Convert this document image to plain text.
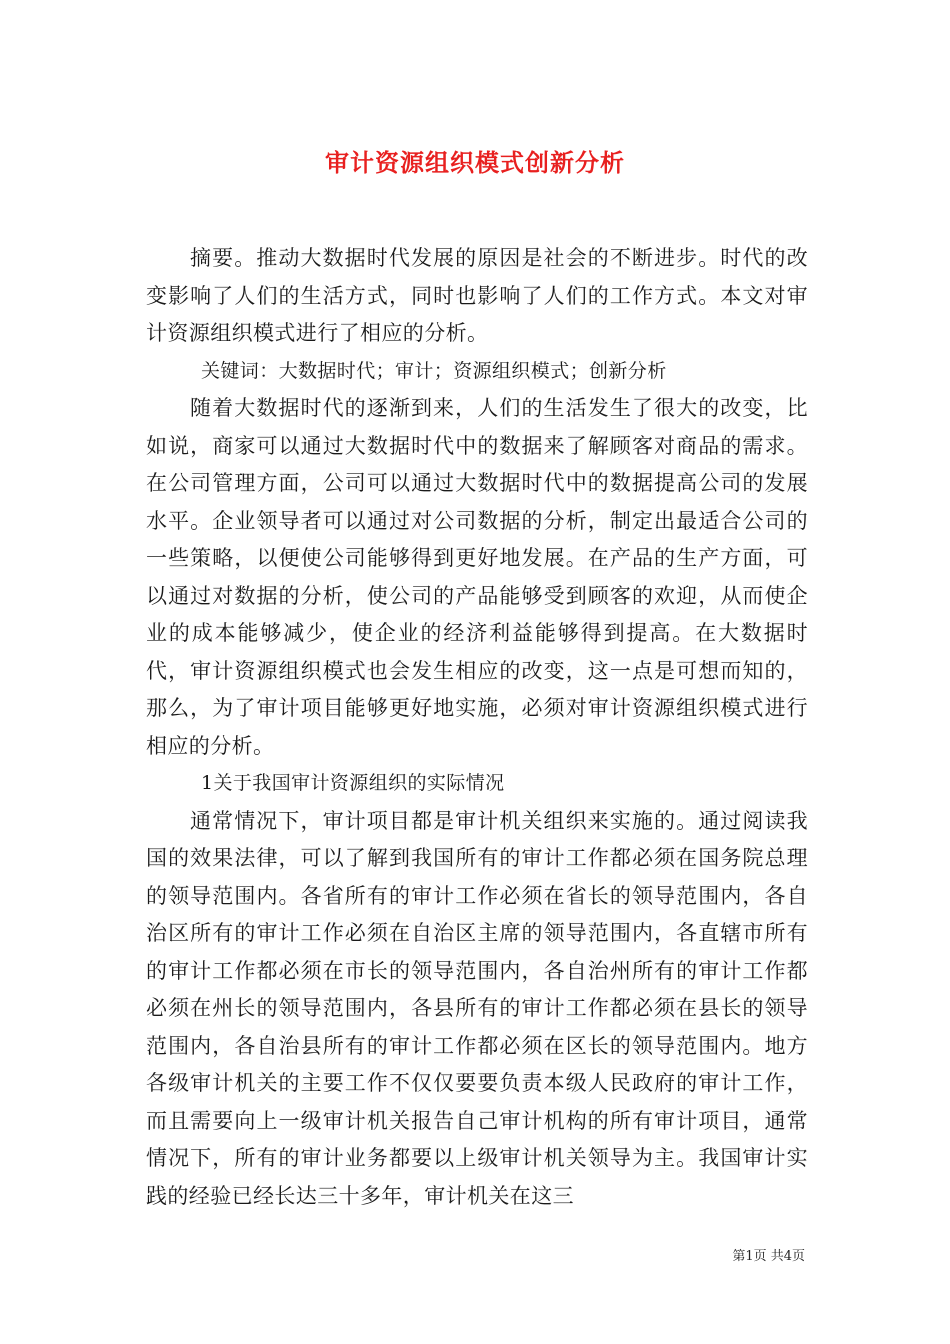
审计资源组织模式创新分析

摘要。推动大数据时代发展的原因是社会的不断进步。时代的改变影响了人们的生活方式，同时也影响了人们的工作方式。本文对审计资源组织模式进行了相应的分析。

关键词：大数据时代；审计；资源组织模式；创新分析

随着大数据时代的逐渐到来，人们的生活发生了很大的改变，比如说，商家可以通过大数据时代中的数据来了解顾客对商品的需求。在公司管理方面，公司可以通过大数据时代中的数据提高公司的发展水平。企业领导者可以通过对公司数据的分析，制定出最适合公司的一些策略，以便使公司能够得到更好地发展。在产品的生产方面，可以通过对数据的分析，使公司的产品能够受到顾客的欢迎，从而使企业的成本能够减少，使企业的经济利益能够得到提高。在大数据时代，审计资源组织模式也会发生相应的改变，这一点是可想而知的，那么，为了审计项目能够更好地实施，必须对审计资源组织模式进行相应的分析。

1关于我国审计资源组织的实际情况

通常情况下，审计项目都是审计机关组织来实施的。通过阅读我国的效果法律，可以了解到我国所有的审计工作都必须在国务院总理的领导范围内。各省所有的审计工作必须在省长的领导范围内，各自治区所有的审计工作必须在自治区主席的领导范围内，各直辖市所有的审计工作都必须在市长的领导范围内，各自治州所有的审计工作都必须在州长的领导范围内，各县所有的审计工作都必须在县长的领导范围内，各自治县所有的审计工作都必须在区长的领导范围内。地方各级审计机关的主要工作不仅仅要要负责本级人民政府的审计工作，而且需要向上一级审计机关报告自己审计机构的所有审计项目，通常情况下，所有的审计业务都要以上级审计机关领导为主。我国审计实践的经验已经长达三十多年，审计机关在这三

第1页 共4页
